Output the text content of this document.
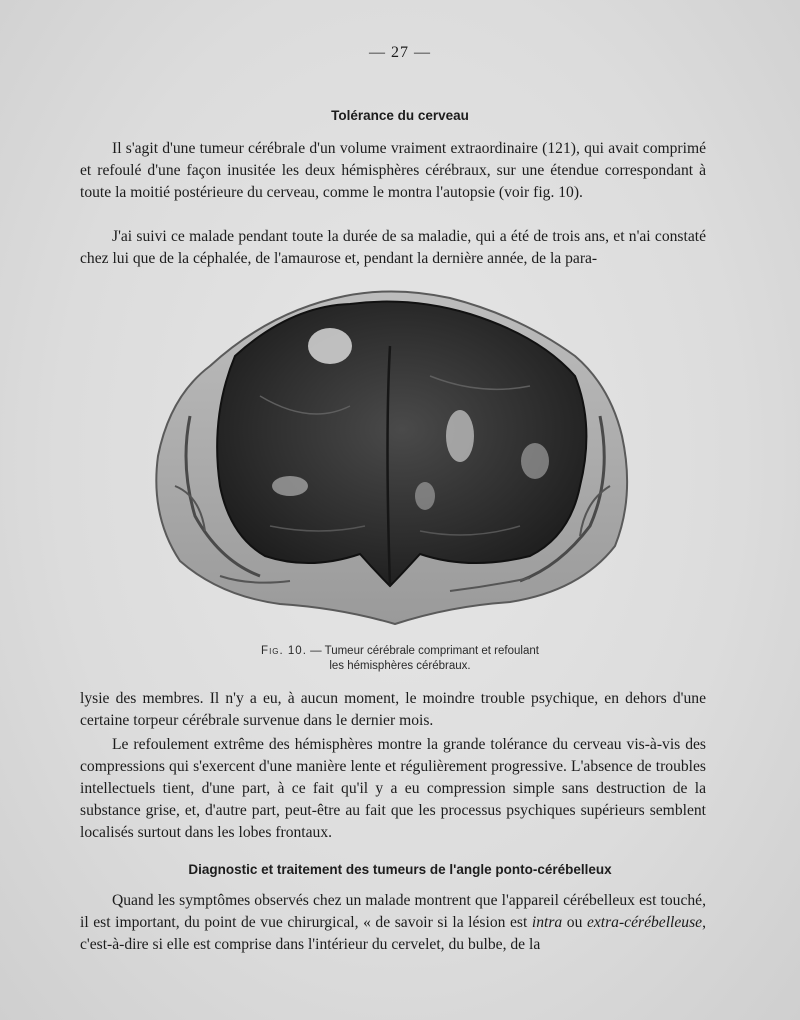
— 27 —
Tolérance du cerveau

Il s'agit d'une tumeur cérébrale d'un volume vraiment extraordinaire (121), qui avait comprimé et refoulé d'une façon inusitée les deux hémisphères cérébraux, sur une étendue correspondant à toute la moitié postérieure du cerveau, comme le montra l'autopsie (voir fig. 10).

J'ai suivi ce malade pendant toute la durée de sa maladie, qui a été de trois ans, et n'ai constaté chez lui que de la céphalée, de l'amaurose et, pendant la dernière année, de la para-

Fig. 10. — Tumeur cérébrale comprimant et refoulant
les hémisphères cérébraux.

lysie des membres. Il n'y a eu, à aucun moment, le moindre trouble psychique, en dehors d'une certaine torpeur cérébrale survenue dans le dernier mois.

Le refoulement extrême des hémisphères montre la grande tolérance du cerveau vis-à-vis des compressions qui s'exercent d'une manière lente et régulièrement progressive. L'absence de troubles intellectuels tient, d'une part, à ce fait qu'il y a eu compression simple sans destruction de la substance grise, et, d'autre part, peut-être au fait que les processus psychiques supérieurs semblent localisés surtout dans les lobes frontaux.

Diagnostic et traitement des tumeurs de l'angle ponto-cérébelleux

Quand les symptômes observés chez un malade montrent que l'appareil cérébelleux est touché, il est important, du point de vue chirurgical, « de savoir si la lésion est intra ou extra-cérébelleuse, c'est-à-dire si elle est comprise dans l'intérieur du cervelet, du bulbe, de la
